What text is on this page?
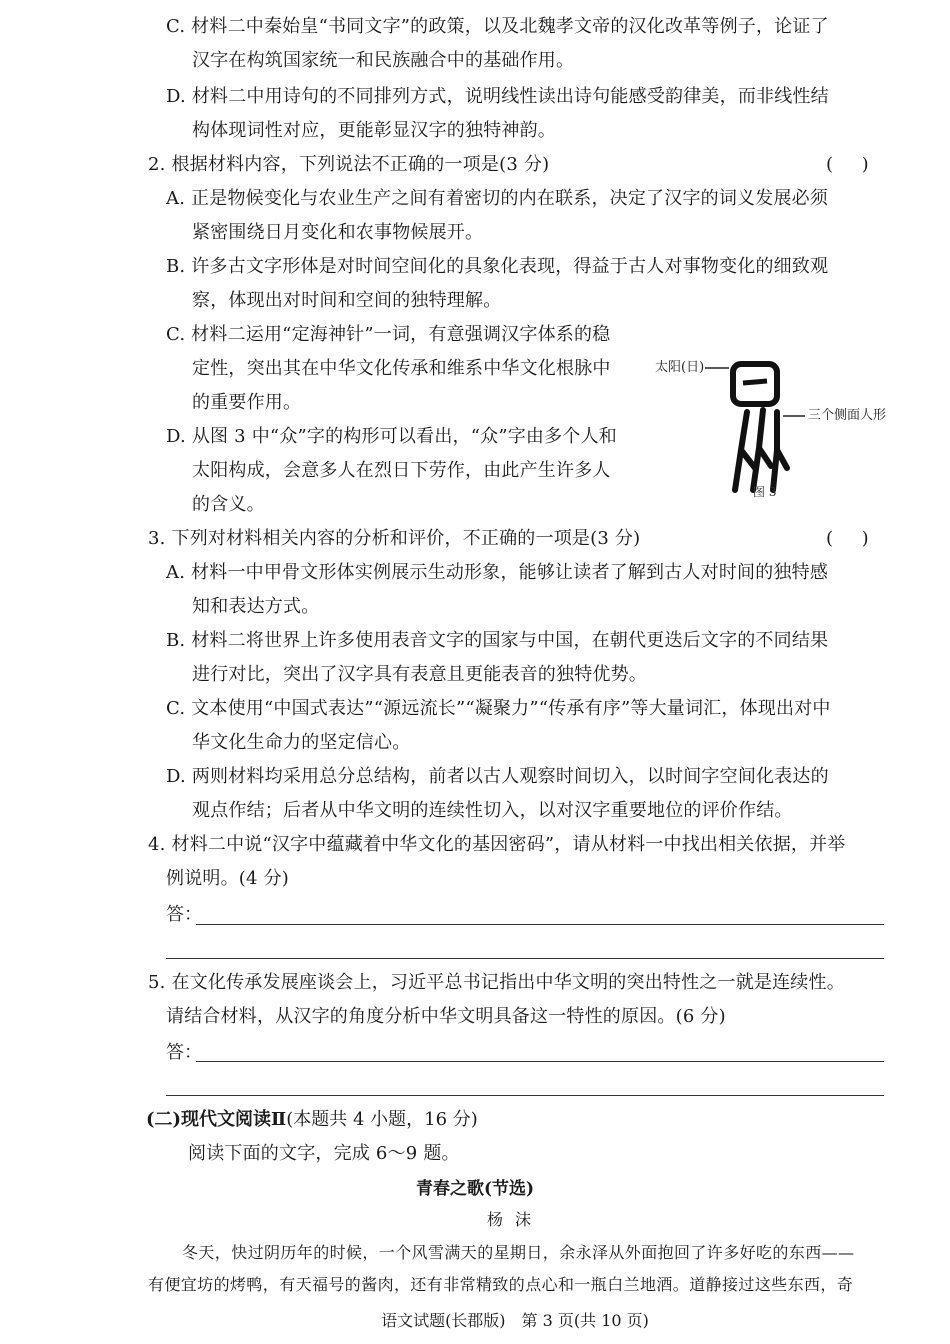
C. 材料二中秦始皇“书同文字”的政策，以及北魏孝文帝的汉化改革等例子，论证了
汉字在构筑国家统一和民族融合中的基础作用。
D. 材料二中用诗句的不同排列方式，说明线性读出诗句能感受韵律美，而非线性结
构体现词性对应，更能彰显汉字的独特神韵。
2. 根据材料内容，下列说法不正确的一项是(3 分)	(     )
A. 正是物候变化与农业生产之间有着密切的内在联系，决定了汉字的词义发展必须
紧密围绕日月变化和农事物候展开。
B. 许多古文字形体是对时间空间化的具象化表现，得益于古人对事物变化的细致观
察，体现出对时间和空间的独特理解。
C. 材料二运用“定海神针”一词，有意强调汉字体系的稳
定性，突出其在中华文化传承和维系中华文化根脉中
的重要作用。
D. 从图 3 中“众”字的构形可以看出，“众”字由多个人和
太阳构成，会意多人在烈日下劳作，由此产生许多人
的含义。
太阳(日)
三个侧面人形
图 3
3. 下列对材料相关内容的分析和评价，不正确的一项是(3 分)	(     )
A. 材料一中甲骨文形体实例展示生动形象，能够让读者了解到古人对时间的独特感
知和表达方式。
B. 材料二将世界上许多使用表音文字的国家与中国，在朝代更迭后文字的不同结果
进行对比，突出了汉字具有表意且更能表音的独特优势。
C. 文本使用“中国式表达”“源远流长”“凝聚力”“传承有序”等大量词汇，体现出对中
华文化生命力的坚定信心。
D. 两则材料均采用总分总结构，前者以古人观察时间切入，以时间字空间化表达的
观点作结；后者从中华文明的连续性切入，以对汉字重要地位的评价作结。
4. 材料二中说“汉字中蕴藏着中华文化的基因密码”，请从材料一中找出相关依据，并举
例说明。(4 分)
答：
5. 在文化传承发展座谈会上，习近平总书记指出中华文明的突出特性之一就是连续性。
请结合材料，从汉字的角度分析中华文明具备这一特性的原因。(6 分)
答：
(二)现代文阅读Ⅱ(本题共 4 小题，16 分)
阅读下面的文字，完成 6～9 题。
青春之歌(节选)
杨沫
冬天，快过阴历年的时候，一个风雪满天的星期日，余永泽从外面抱回了许多好吃的东西——
有便宜坊的烤鸭，有天福号的酱肉，还有非常精致的点心和一瓶白兰地酒。道静接过这些东西，奇
语文试题(长郡版)　第 3 页(共 10 页)
